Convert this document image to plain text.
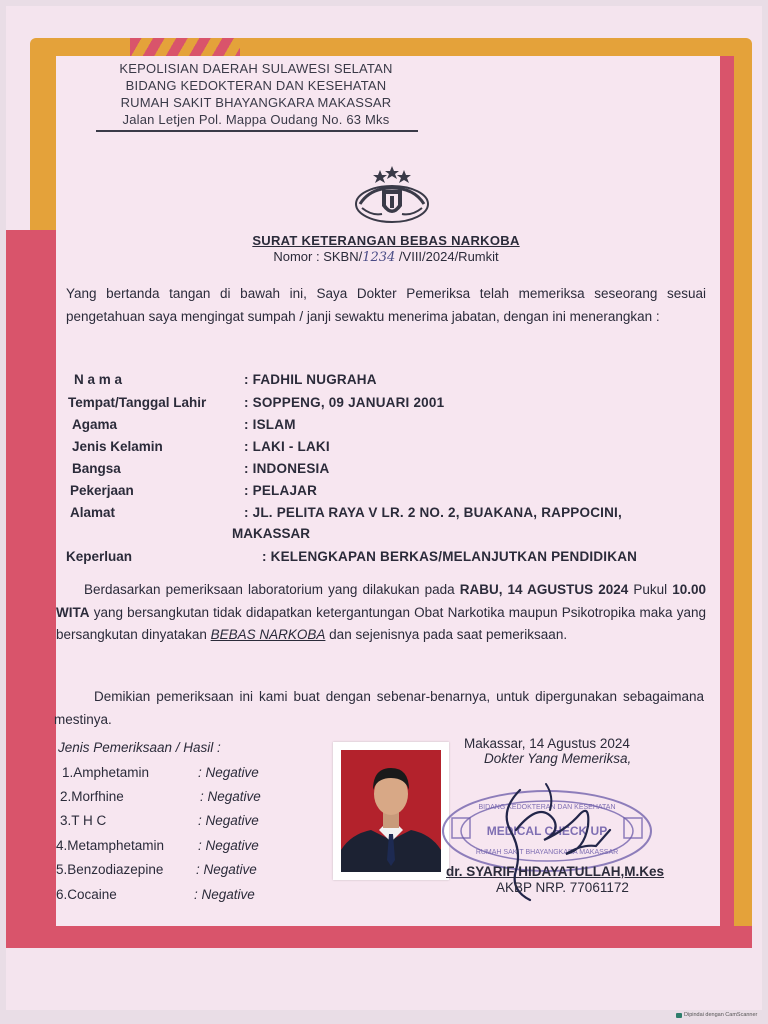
KEPOLISIAN DAERAH SULAWESI SELATAN
BIDANG KEDOKTERAN DAN KESEHATAN
RUMAH SAKIT BHAYANGKARA MAKASSAR
Jalan Letjen Pol. Mappa Oudang No. 63 Mks
SURAT KETERANGAN BEBAS NARKOBA
Nomor : SKBN/1234 /VIII/2024/Rumkit
Yang bertanda tangan di bawah ini, Saya Dokter Pemeriksa telah memeriksa seseorang sesuai pengetahuan saya mengingat sumpah / janji sewaktu menerima jabatan, dengan ini menerangkan :
N a m a	: FADHIL NUGRAHA
Tempat/Tanggal Lahir	: SOPPENG, 09 JANUARI 2001
Agama	: ISLAM
Jenis Kelamin	: LAKI - LAKI
Bangsa	: INDONESIA
Pekerjaan	: PELAJAR
Alamat	: JL. PELITA RAYA V LR. 2 NO. 2, BUAKANA, RAPPOCINI,
MAKASSAR
Keperluan	: KELENGKAPAN BERKAS/MELANJUTKAN PENDIDIKAN
Berdasarkan pemeriksaan laboratorium yang dilakukan pada RABU, 14 AGUSTUS 2024 Pukul 10.00 WITA yang bersangkutan tidak didapatkan ketergantungan Obat Narkotika maupun Psikotropika maka yang bersangkutan dinyatakan BEBAS NARKOBA dan sejenisnya pada saat pemeriksaan.
Demikian pemeriksaan ini kami buat dengan sebenar-benarnya, untuk dipergunakan sebagaimana mestinya.
Jenis Pemeriksaan / Hasil :
1.Amphetamin	: Negative
2.Morfhine	: Negative
3.T H C	: Negative
4.Metamphetamin	: Negative
5.Benzodiazepine : Negative
6.Cocaine	: Negative
Makassar, 14 Agustus 2024
Dokter Yang Memeriksa,
BIDANG KEDOKTERAN DAN KESEHATAN
MEDICAL CHECK UP
RUMAH SAKIT BHAYANGKARA MAKASSAR
dr. SYARIF HIDAYATULLAH,M.Kes
AKBP NRP. 77061172
Dipindai dengan CamScanner
